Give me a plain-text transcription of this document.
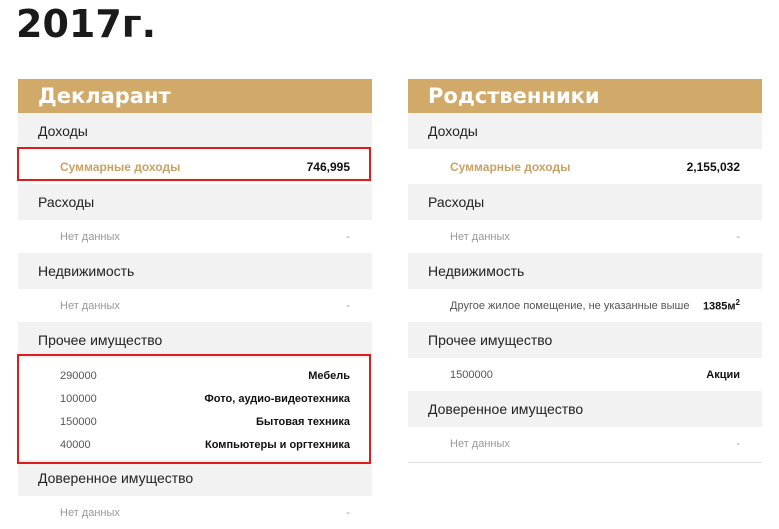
2017г.
Декларант
Доходы
Суммарные доходы	746,995
Расходы
Нет данных	-
Недвижимость
Нет данных	-
Прочее имущество
290000	Мебель
100000	Фото, аудио-видеотехника
150000	Бытовая техника
40000	Компьютеры и оргтехника
Доверенное имущество
Нет данных	-
Родственники
Доходы
Суммарные доходы	2,155,032
Расходы
Нет данных	-
Недвижимость
Другое жилое помещение, не указанные выше $1385м^2$
Прочее имущество
1500000	Акции
Доверенное имущество
Нет данных	-
